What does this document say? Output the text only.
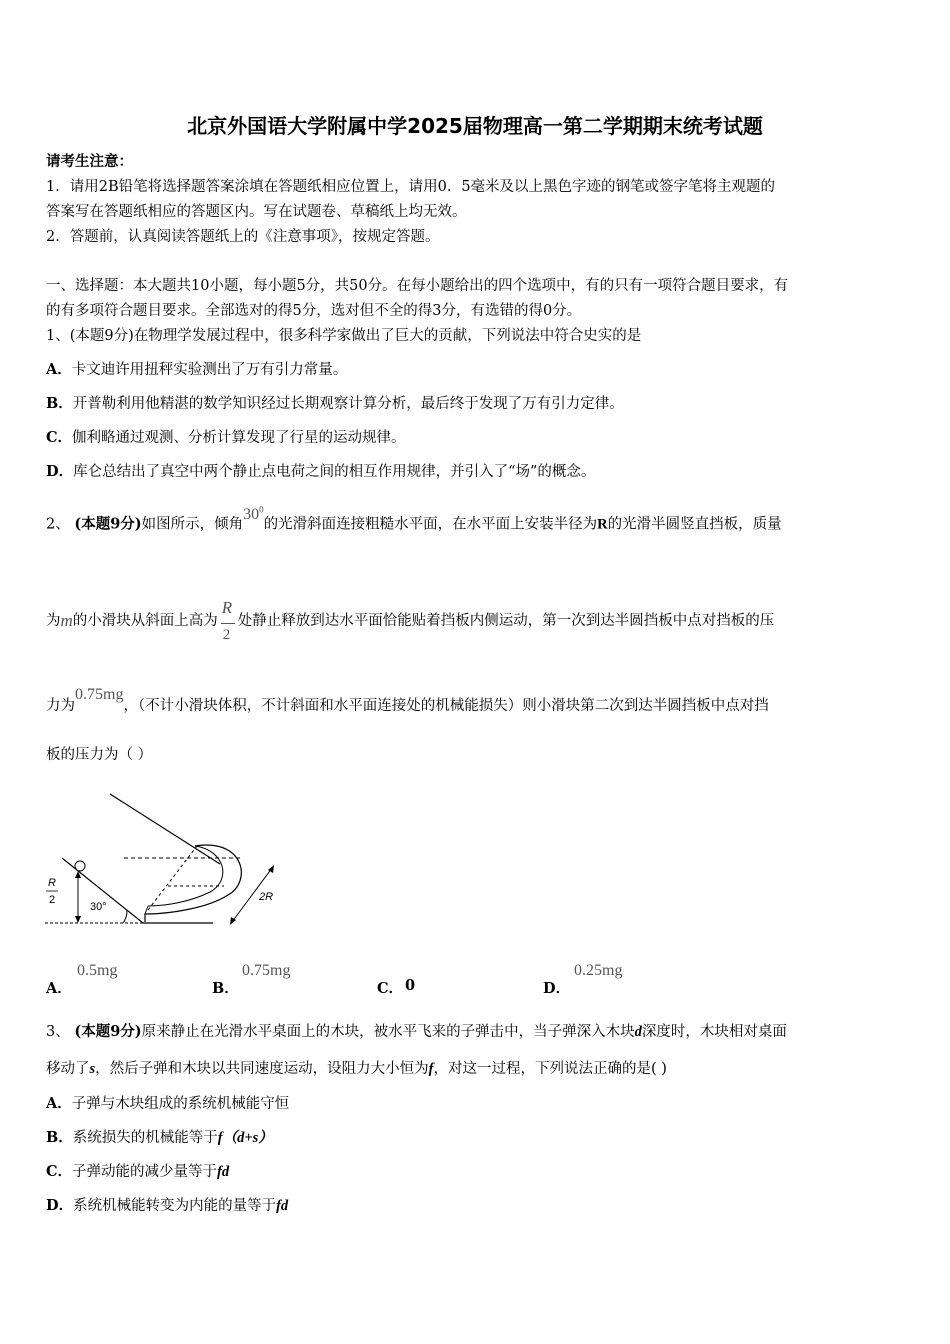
北京外国语大学附属中学2025届物理高一第二学期期末统考试题
请考生注意：
1．请用2B铅笔将选择题答案涂填在答题纸相应位置上，请用0．5毫米及以上黑色字迹的钢笔或签字笔将主观题的
答案写在答题纸相应的答题区内。写在试题卷、草稿纸上均无效。
2．答题前，认真阅读答题纸上的《注意事项》，按规定答题。
一、选择题：本大题共10小题，每小题5分，共50分。在每小题给出的四个选项中，有的只有一项符合题目要求，有
的有多项符合题目要求。全部选对的得5分，选对但不全的得3分，有选错的得0分。
1、(本题9分)在物理学发展过程中，很多科学家做出了巨大的贡献，下列说法中符合史实的是
A．卡文迪许用扭秤实验测出了万有引力常量。
B．开普勒利用他精湛的数学知识经过长期观察计算分析，最后终于发现了万有引力定律。
C．伽利略通过观测、分析计算发现了行星的运动规律。
D．库仑总结出了真空中两个静止点电荷之间的相互作用规律，并引入了“场”的概念。
2、 (本题9分)如图所示，倾角$30^0$的光滑斜面连接粗糙水平面，在水平面上安装半径为R的光滑半圆竖直挡板，质量
为m的小滑块从斜面上高为
$\frac{R}{2}$
处静止释放到达水平面恰能贴着挡板内侧运动，第一次到达半圆挡板中点对挡板的压
力为0.75mg，（不计小滑块体积，不计斜面和水平面连接处的机械能损失）则小滑块第二次到达半圆挡板中点对挡
板的压力为（ ）
R
2
30°
2R
A．
0.5mg
B．
0.75mg
C． 0	D．
0.25mg
3、 (本题9分)原来静止在光滑水平桌面上的木块，被水平飞来的子弹击中，当子弹深入木块d深度时，木块相对桌面
移动了s，然后子弹和木块以共同速度运动，设阻力大小恒为f，对这一过程，下列说法正确的是( )
A．子弹与木块组成的系统机械能守恒
B．系统损失的机械能等于f（d+s）
C．子弹动能的减少量等于fd
D．系统机械能转变为内能的量等于fd
